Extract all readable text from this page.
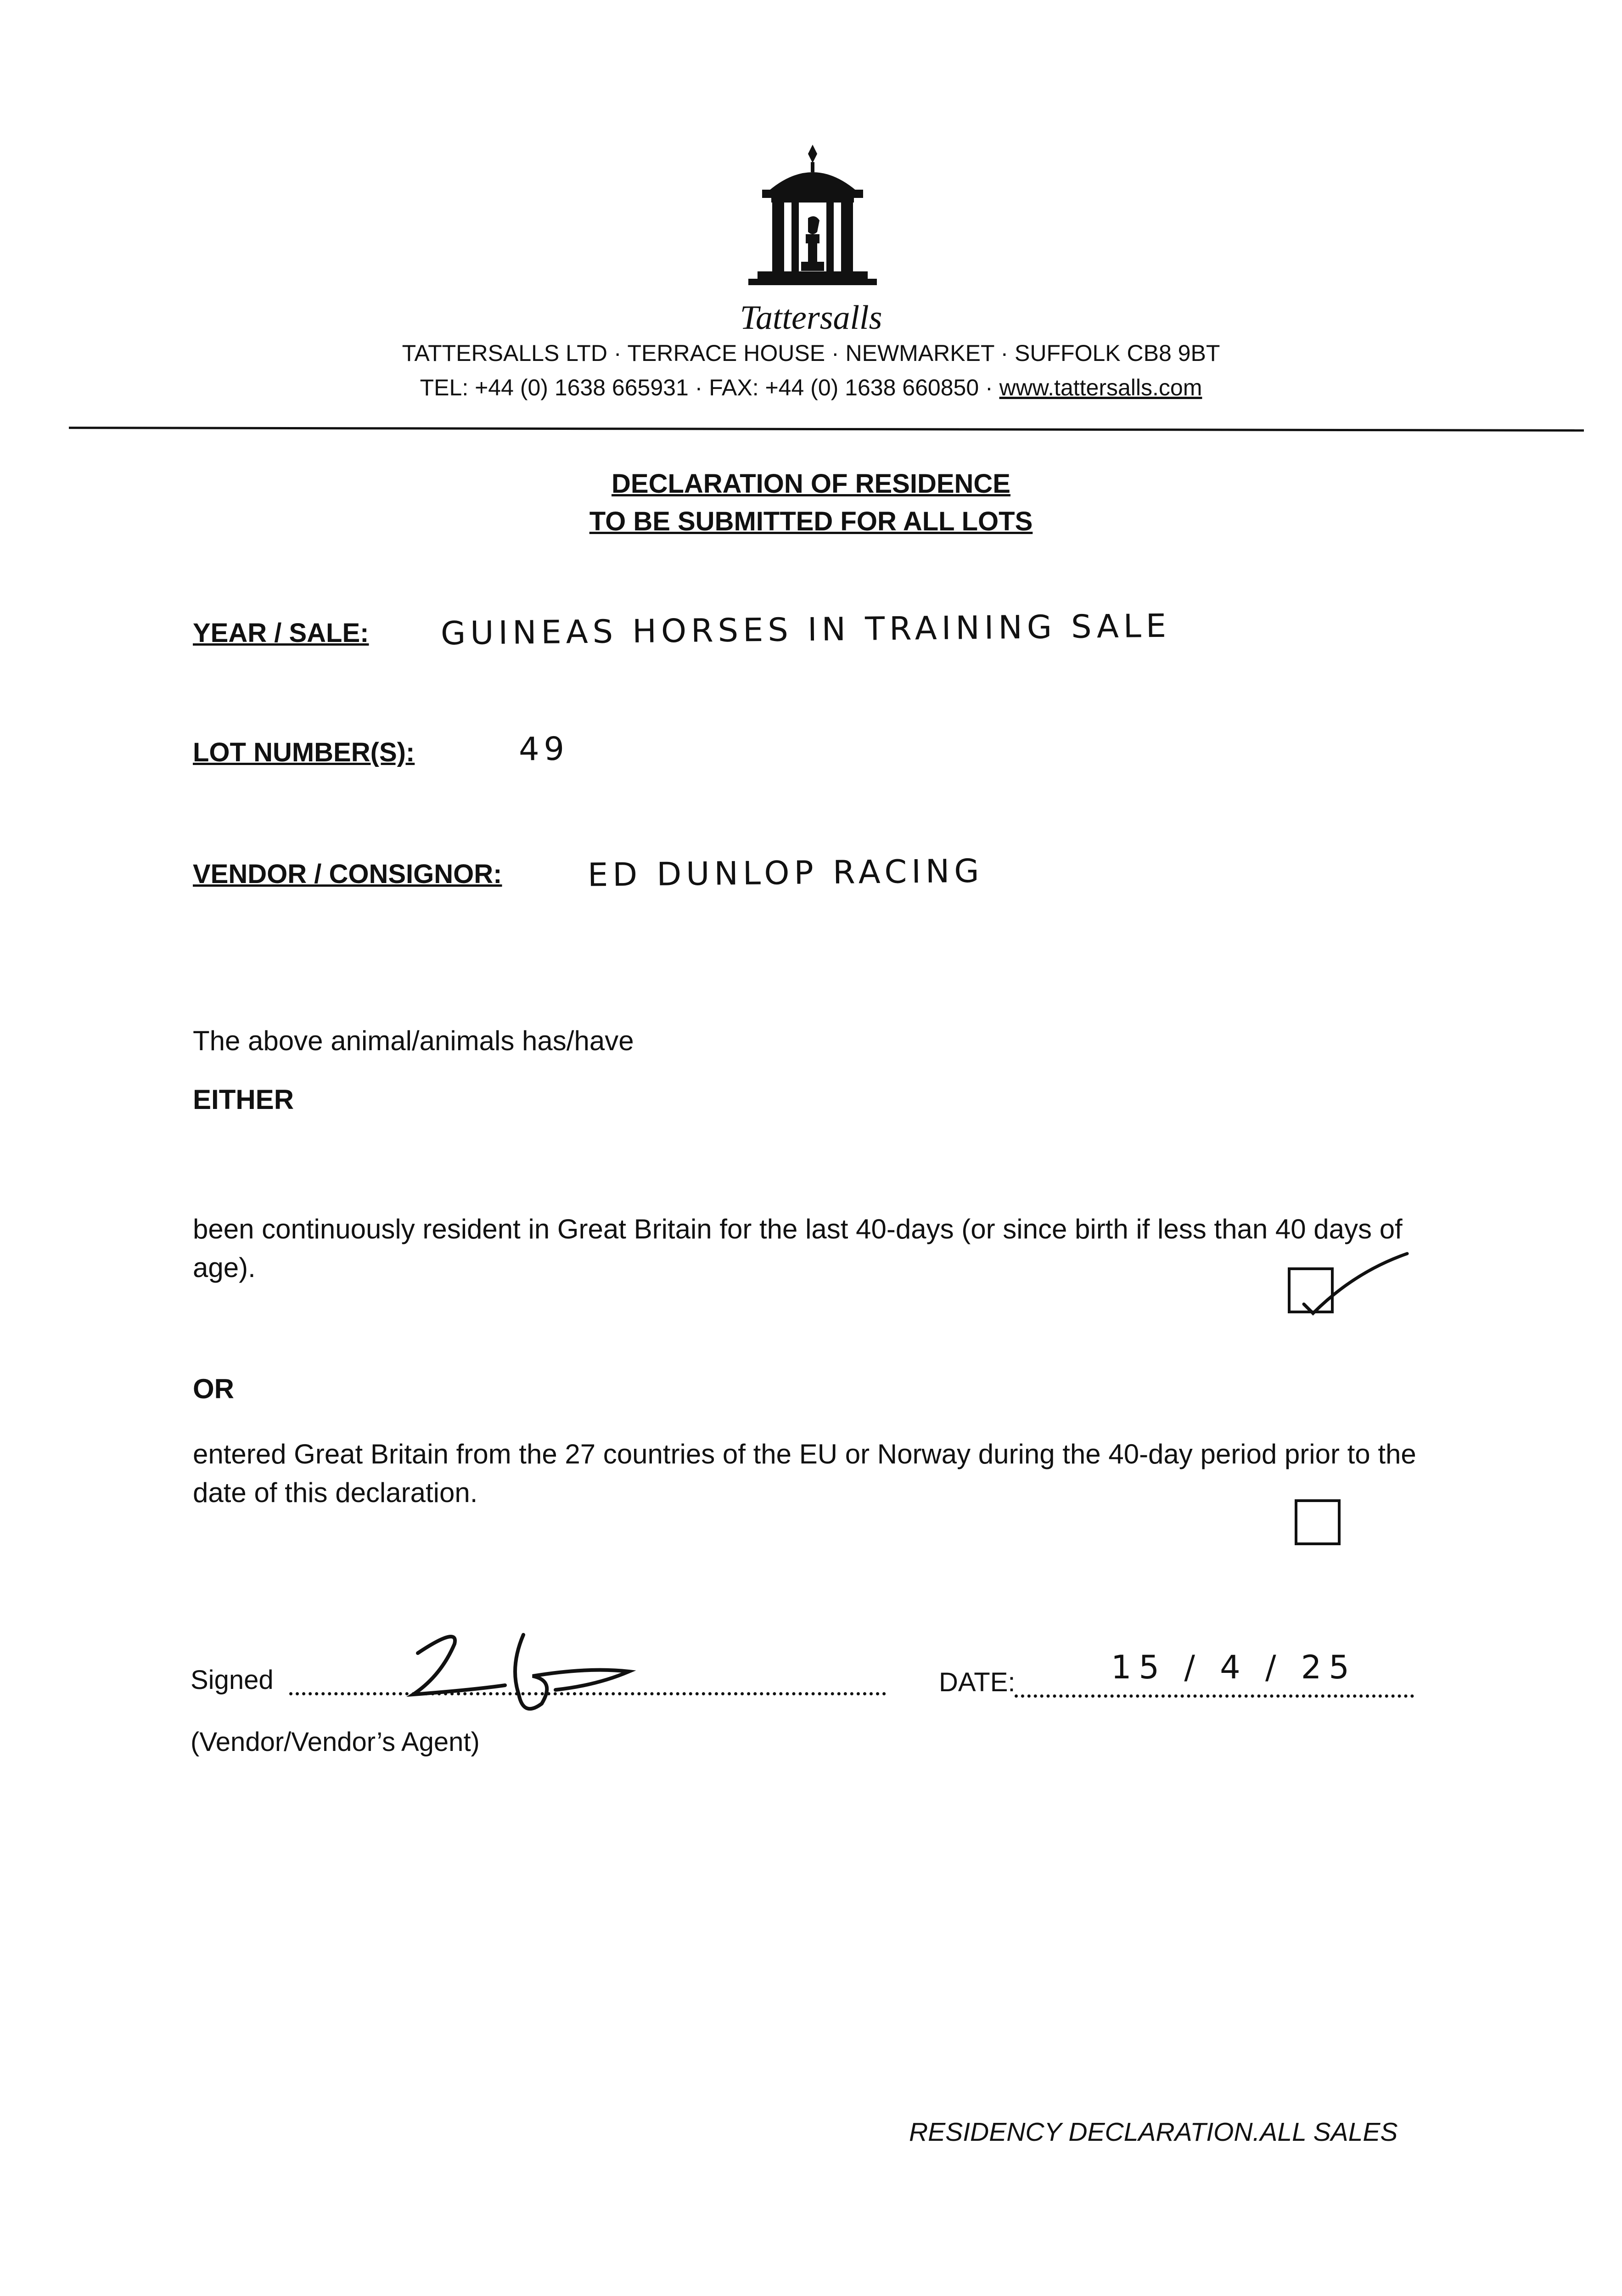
Tattersalls
TATTERSALLS LTD · TERRACE HOUSE · NEWMARKET · SUFFOLK CB8 9BT
TEL: +44 (0) 1638 665931 · FAX: +44 (0) 1638 660850 · www.tattersalls.com
DECLARATION OF RESIDENCE
TO BE SUBMITTED FOR ALL LOTS
YEAR / SALE: GUINEAS HORSES IN TRAINING SALE
LOT NUMBER(S):	49
VENDOR / CONSIGNOR:	ED DUNLOP RACING
The above animal/animals has/have
EITHER
been continuously resident in Great Britain for the last 40-days (or since birth if less than 40 days of age).
OR
entered Great Britain from the 27 countries of the EU or Norway during the 40-day period prior to the date of this declaration.
Signed	DATE:	15 / 4 / 25
(Vendor/Vendor’s Agent)
RESIDENCY DECLARATION.ALL SALES
